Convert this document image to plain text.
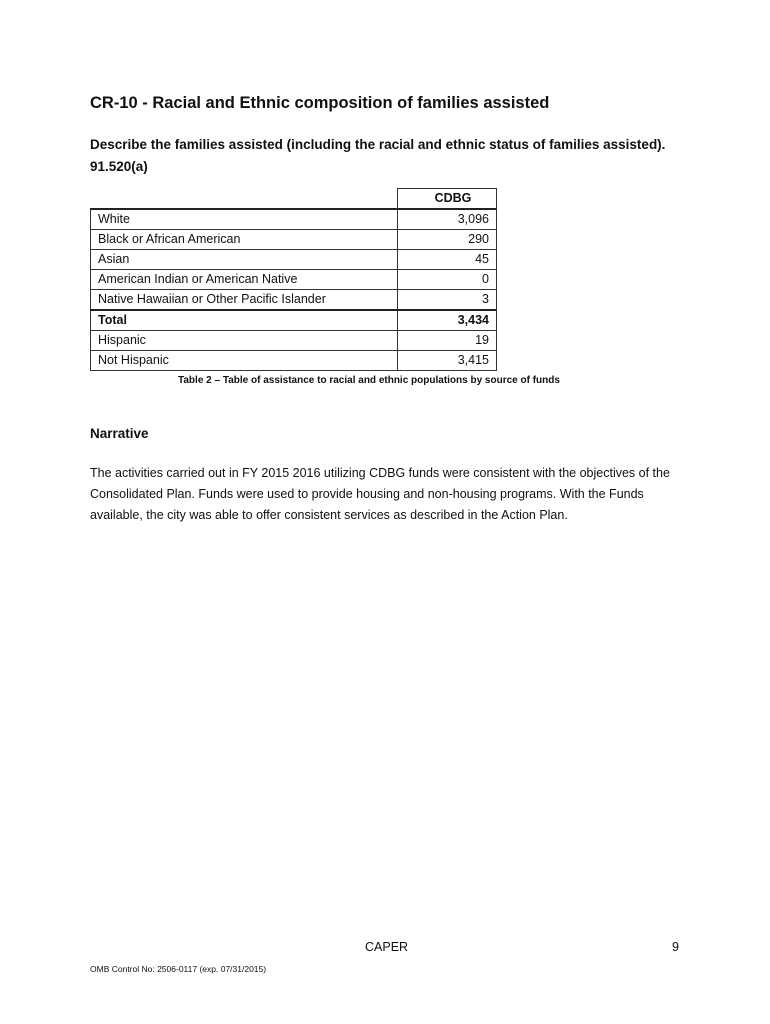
CR-10 - Racial and Ethnic composition of families assisted

Describe the families assisted (including the racial and ethnic status of families assisted). 91.520(a)

	CDBG
White	3,096
Black or African American	290
Asian	45
American Indian or American Native	0
Native Hawaiian or Other Pacific Islander	3
Total	3,434
Hispanic	19
Not Hispanic	3,415
Table 2 – Table of assistance to racial and ethnic populations by source of funds
Narrative

The activities carried out in FY 2015 2016 utilizing CDBG funds were consistent with the objectives of the Consolidated Plan. Funds were used to provide housing and non-housing programs. With the Funds available, the city was able to offer consistent services as described in the Action Plan.

CAPER	9
OMB Control No: 2506-0117 (exp. 07/31/2015)
